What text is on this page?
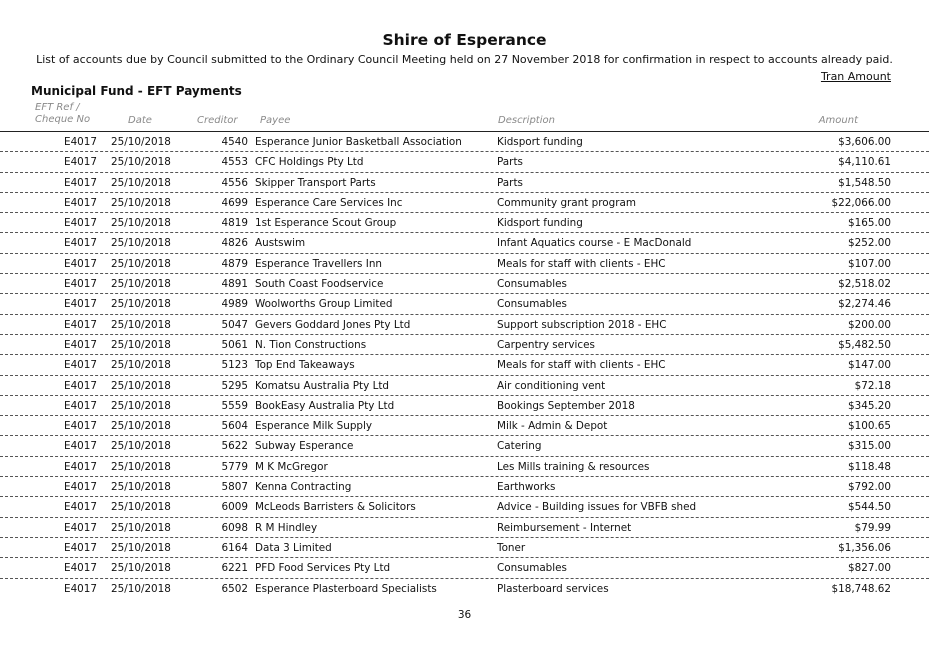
Shire of Esperance

List of accounts due by Council submitted to the Ordinary Council Meeting held on 27 November 2018 for confirmation in respect to accounts already paid.

Tran Amount
Municipal Fund - EFT Payments
EFT Ref / Cheque No	Date	Creditor Payee	Description	Amount
E4017 25/10/2018	4540 Esperance Junior Basketball Association	Kidsport funding	$3,606.00
E4017 25/10/2018	4553 CFC Holdings Pty Ltd	Parts	$4,110.61
E4017 25/10/2018	4556 Skipper Transport Parts	Parts	$1,548.50
E4017 25/10/2018	4699 Esperance Care Services Inc	Community grant program	$22,066.00
E4017 25/10/2018	4819 1st Esperance Scout Group	Kidsport funding	$165.00
E4017 25/10/2018	4826 Austswim	Infant Aquatics course - E MacDonald	$252.00
E4017 25/10/2018	4879 Esperance Travellers Inn	Meals for staff with clients - EHC	$107.00
E4017 25/10/2018	4891 South Coast Foodservice	Consumables	$2,518.02
E4017 25/10/2018	4989 Woolworths Group Limited	Consumables	$2,274.46
E4017 25/10/2018	5047 Gevers Goddard Jones Pty Ltd	Support subscription 2018 - EHC	$200.00
E4017 25/10/2018	5061 N. Tion Constructions	Carpentry services	$5,482.50
E4017 25/10/2018	5123 Top End Takeaways	Meals for staff with clients - EHC	$147.00
E4017 25/10/2018	5295 Komatsu Australia Pty Ltd	Air conditioning vent	$72.18
E4017 25/10/2018	5559 BookEasy Australia Pty Ltd	Bookings September 2018	$345.20
E4017 25/10/2018	5604 Esperance Milk Supply	Milk - Admin & Depot	$100.65
E4017 25/10/2018	5622 Subway Esperance	Catering	$315.00
E4017 25/10/2018	5779 M K McGregor	Les Mills training & resources	$118.48
E4017 25/10/2018	5807 Kenna Contracting	Earthworks	$792.00
E4017 25/10/2018	6009 McLeods Barristers & Solicitors	Advice - Building issues for VBFB shed	$544.50
E4017 25/10/2018	6098 R M Hindley	Reimbursement - Internet	$79.99
E4017 25/10/2018	6164 Data 3 Limited	Toner	$1,356.06
E4017 25/10/2018	6221 PFD Food Services Pty Ltd	Consumables	$827.00
E4017 25/10/2018	6502 Esperance Plasterboard Specialists	Plasterboard services	$18,748.62
36
